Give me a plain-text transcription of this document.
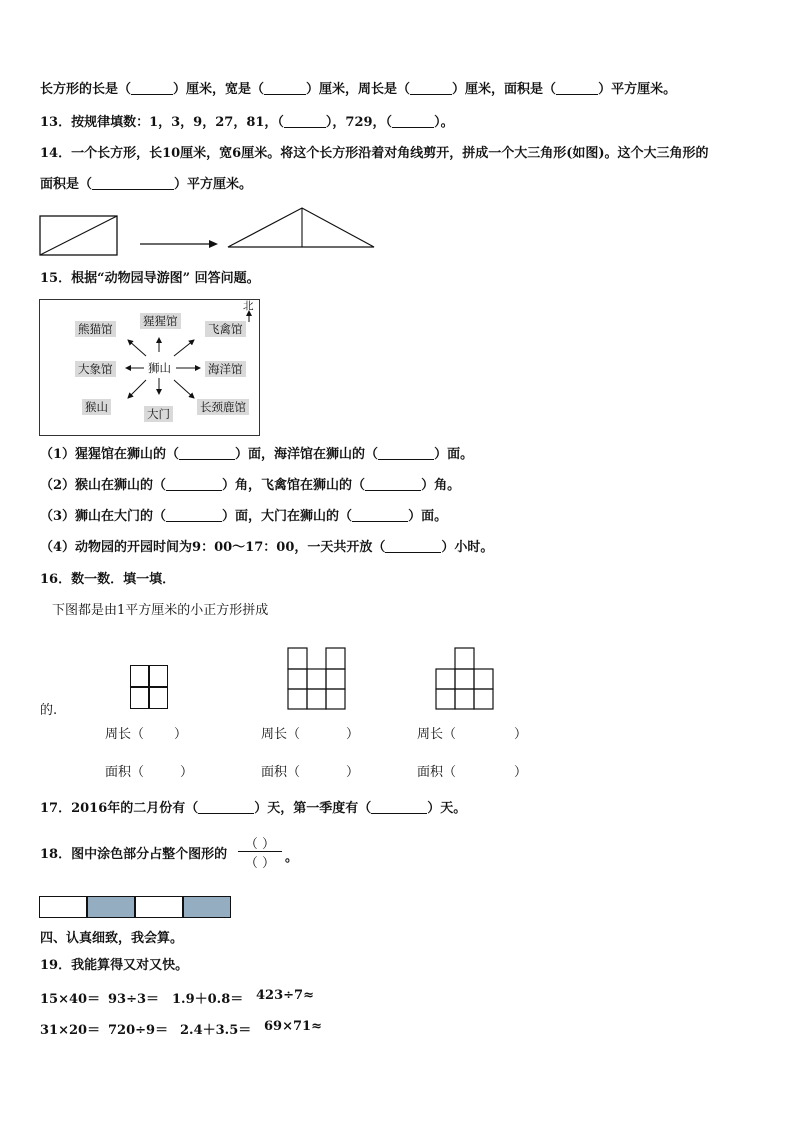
长方形的长是（	）厘米，宽是（	）厘米，周长是（	）厘米，面积是（	）平方厘米。
13．按规律填数：1，3，9，27，81，（	），729，（	）。
14．一个长方形，长10厘米，宽6厘米。将这个长方形沿着对角线剪开，拼成一个大三角形(如图)。这个大三角形的
面积是（	）平方厘米。
15．根据“动物园导游图” 回答问题。
北
熊猫馆
猩猩馆
飞禽馆
大象馆	狮山	海洋馆
猴山	大门	长颈鹿馆
（1）猩猩馆在狮山的（	）面，海洋馆在狮山的（	）面。
（2）猴山在狮山的（	）角，飞禽馆在狮山的（	）角。
（3）狮山在大门的（	）面，大门在狮山的（	）面。
（4）动物园的开园时间为9：00～17：00，一天共开放（	）小时。
16．数一数．填一填．
下图都是由1平方厘米的小正方形拼成
的.
周长（ ）	周长（	）	周长（	）
面积（	）	面积（	）	面积（	）
17．2016年的二月份有（	）天，第一季度有（	）天。
18．图中涂色部分占整个图形的
（ ）
（ ） 。
四、认真细致，我会算。
19．我能算得又对又快。
15×40＝ 93÷3＝ 1.9＋0.8＝ 423÷7≈
31×20＝ 720÷9＝ 2.4＋3.5＝ 69×71≈
